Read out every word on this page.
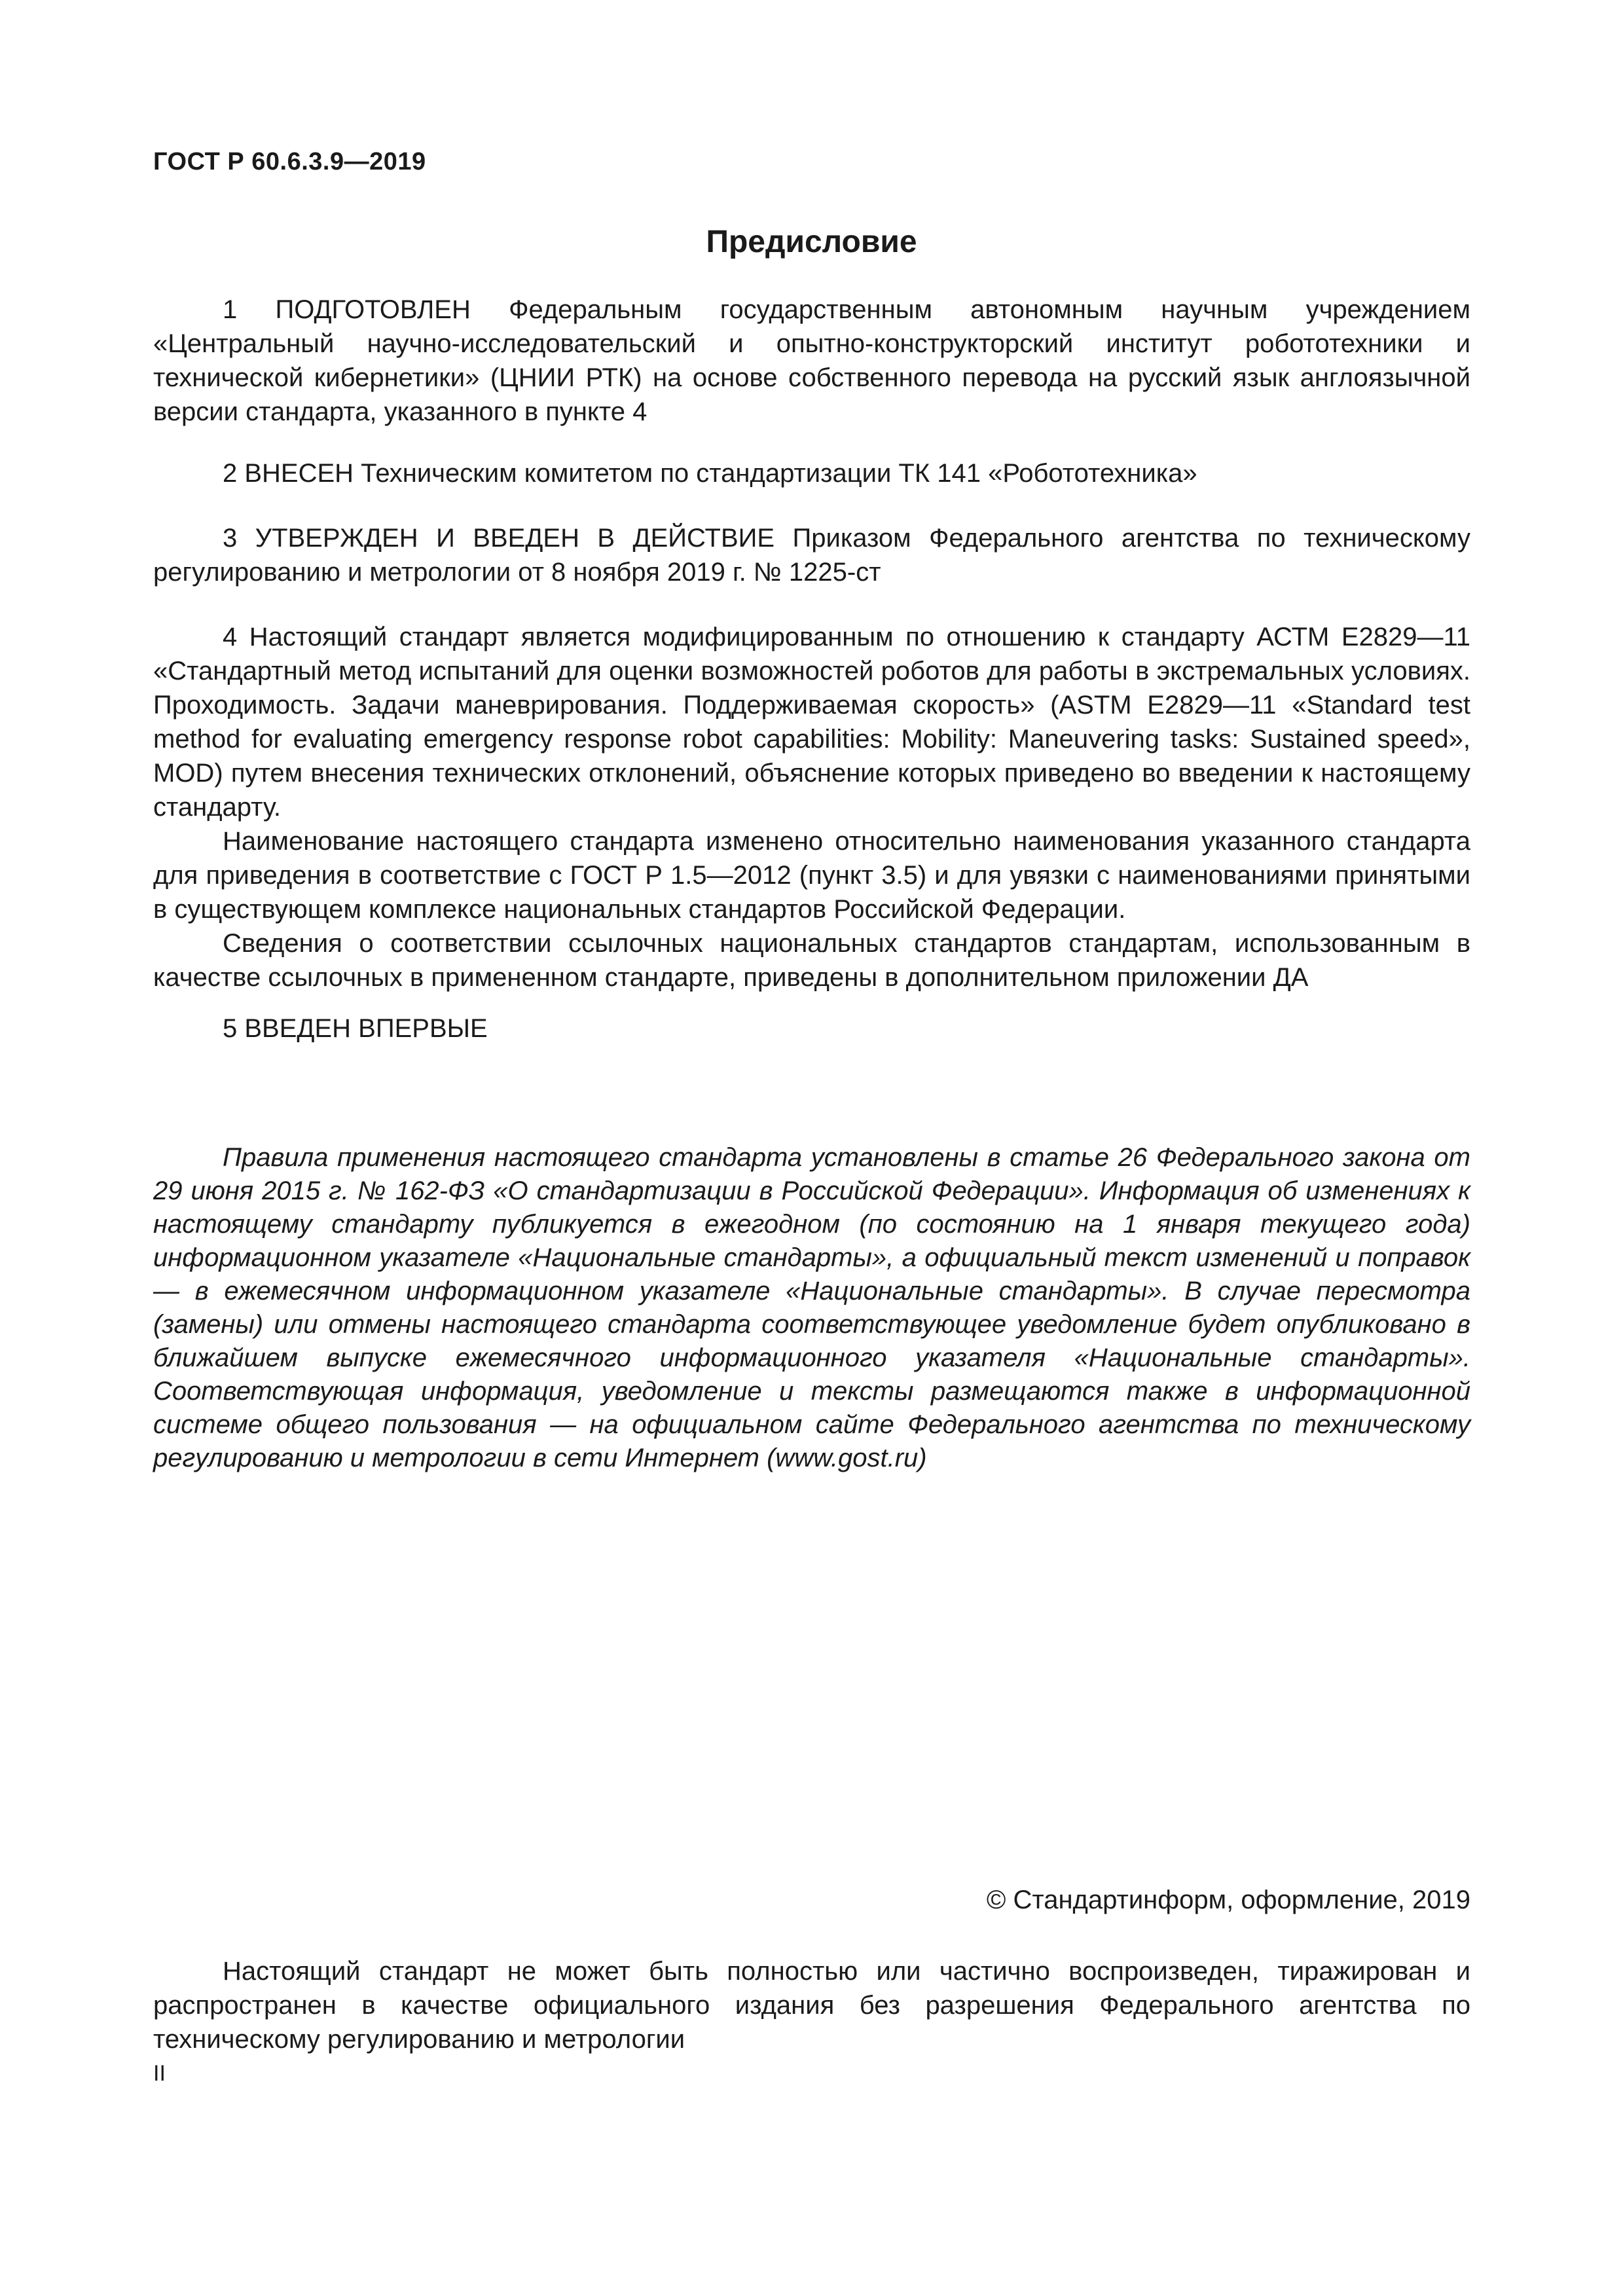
ГОСТ Р 60.6.3.9—2019
Предисловие

1 ПОДГОТОВЛЕН Федеральным государственным автономным научным учреждением «Центральный научно-исследовательский и опытно-конструкторский институт робототехники и технической кибернетики» (ЦНИИ РТК) на основе собственного перевода на русский язык англоязычной версии стандарта, указанного в пункте 4

2 ВНЕСЕН Техническим комитетом по стандартизации ТК 141 «Робототехника»

3 УТВЕРЖДЕН И ВВЕДЕН В ДЕЙСТВИЕ Приказом Федерального агентства по техническому регулированию и метрологии от 8 ноября 2019 г. № 1225-ст

4 Настоящий стандарт является модифицированным по отношению к стандарту АСТМ Е2829—11 «Стандартный метод испытаний для оценки возможностей роботов для работы в экстремальных условиях. Проходимость. Задачи маневрирования. Поддерживаемая скорость» (ASTM E2829—11 «Standard test method for evaluating emergency response robot capabilities: Mobility: Maneuvering tasks: Sustained speed», MOD) путем внесения технических отклонений, объяснение которых приведено во введении к настоящему стандарту.

Наименование настоящего стандарта изменено относительно наименования указанного стандарта для приведения в соответствие с ГОСТ Р 1.5—2012 (пункт 3.5) и для увязки с наименованиями принятыми в существующем комплексе национальных стандартов Российской Федерации.

Сведения о соответствии ссылочных национальных стандартов стандартам, использованным в качестве ссылочных в примененном стандарте, приведены в дополнительном приложении ДА

5 ВВЕДЕН ВПЕРВЫЕ

Правила применения настоящего стандарта установлены в статье 26 Федерального закона от 29 июня 2015 г. № 162-ФЗ «О стандартизации в Российской Федерации». Информация об изменениях к настоящему стандарту публикуется в ежегодном (по состоянию на 1 января текущего года) информационном указателе «Национальные стандарты», а официальный текст изменений и поправок — в ежемесячном информационном указателе «Национальные стандарты». В случае пересмотра (замены) или отмены настоящего стандарта соответствующее уведомление будет опубликовано в ближайшем выпуске ежемесячного информационного указателя «Национальные стандарты». Соответствующая информация, уведомление и тексты размещаются также в информационной системе общего пользования — на официальном сайте Федерального агентства по техническому регулированию и метрологии в сети Интернет (www.gost.ru)

© Стандартинформ, оформление, 2019

Настоящий стандарт не может быть полностью или частично воспроизведен, тиражирован и распространен в качестве официального издания без разрешения Федерального агентства по техническому регулированию и метрологии

II
